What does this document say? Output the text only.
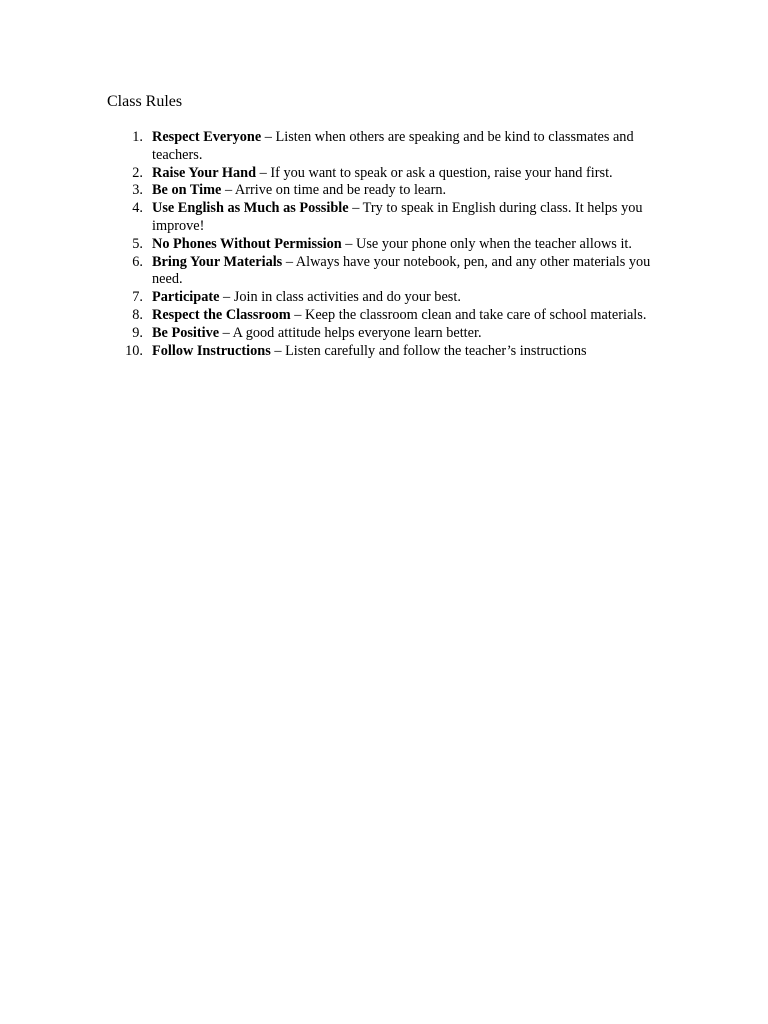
Class Rules
1. Respect Everyone – Listen when others are speaking and be kind to classmates and teachers.
2. Raise Your Hand – If you want to speak or ask a question, raise your hand first.
3. Be on Time – Arrive on time and be ready to learn.
4. Use English as Much as Possible – Try to speak in English during class. It helps you improve!
5. No Phones Without Permission – Use your phone only when the teacher allows it.
6. Bring Your Materials – Always have your notebook, pen, and any other materials you need.
7. Participate – Join in class activities and do your best.
8. Respect the Classroom – Keep the classroom clean and take care of school materials.
9. Be Positive – A good attitude helps everyone learn better.
10. Follow Instructions – Listen carefully and follow the teacher’s instructions
